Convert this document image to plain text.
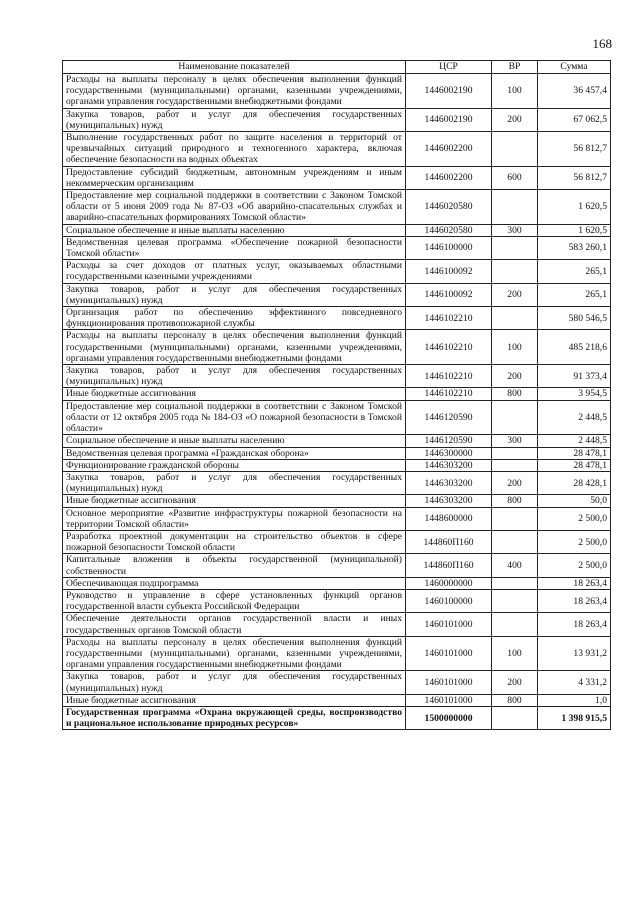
168
Наименование показателей	ЦСР	ВР	Сумма
Расходы на выплаты персоналу в целях обеспечения выполнения функций государственными (муниципальными) органами, казенными учреждениями, органами управления государственными внебюджетными фондами	1446002190	100	36 457,4
Закупка товаров, работ и услуг для обеспечения государственных (муниципальных) нужд	1446002190	200	67 062,5
Выполнение государственных работ по защите населения и территорий от чрезвычайных ситуаций природного и техногенного характера, включая обеспечение безопасности на водных объектах	1446002200		56 812,7
Предоставление субсидий бюджетным, автономным учреждениям и иным некоммерческим организациям	1446002200	600	56 812,7
Предоставление мер социальной поддержки в соответствии с Законом Томской области от 5 июня 2009 года № 87-ОЗ «Об аварийно-спасательных службах и аварийно-спасательных формированиях Томской области»	1446020580		1 620,5
Социальное обеспечение и иные выплаты населению	1446020580	300	1 620,5
Ведомственная целевая программа «Обеспечение пожарной безопасности Томской области»	1446100000		583 260,1
Расходы за счет доходов от платных услуг, оказываемых областными государственными казенными учреждениями	1446100092		265,1
Закупка товаров, работ и услуг для обеспечения государственных (муниципальных) нужд	1446100092	200	265,1
Организация работ по обеспечению эффективного повседневного функционирования противопожарной службы	1446102210		580 546,5
Расходы на выплаты персоналу в целях обеспечения выполнения функций государственными (муниципальными) органами, казенными учреждениями, органами управления государственными внебюджетными фондами	1446102210	100	485 218,6
Закупка товаров, работ и услуг для обеспечения государственных (муниципальных) нужд	1446102210	200	91 373,4
Иные бюджетные ассигнования	1446102210	800	3 954,5
Предоставление мер социальной поддержки в соответствии с Законом Томской области от 12 октября 2005 года № 184-ОЗ «О пожарной безопасности в Томской области»	1446120590		2 448,5
Социальное обеспечение и иные выплаты населению	1446120590	300	2 448,5
Ведомственная целевая программа «Гражданская оборона»	1446300000		28 478,1
Функционирование гражданской обороны	1446303200		28 478,1
Закупка товаров, работ и услуг для обеспечения государственных (муниципальных) нужд	1446303200	200	28 428,1
Иные бюджетные ассигнования	1446303200	800	50,0
Основное мероприятие «Развитие инфраструктуры пожарной безопасности на территории Томской области»	1448600000		2 500,0
Разработка проектной документации на строительство объектов в сфере пожарной безопасности Томской области	144860П160		2 500,0
Капитальные вложения в объекты государственной (муниципальной) собственности	144860П160	400	2 500,0
Обеспечивающая подпрограмма	1460000000		18 263,4
Руководство и управление в сфере установленных функций органов государственной власти субъекта Российской Федерации	1460100000		18 263,4
Обеспечение деятельности органов государственной власти и иных государственных органов Томской области	1460101000		18 263,4
Расходы на выплаты персоналу в целях обеспечения выполнения функций государственными (муниципальными) органами, казенными учреждениями, органами управления государственными внебюджетными фондами	1460101000	100	13 931,2
Закупка товаров, работ и услуг для обеспечения государственных (муниципальных) нужд	1460101000	200	4 331,2
Иные бюджетные ассигнования	1460101000	800	1,0
Государственная программа «Охрана окружающей среды, воспроизводство и рациональное использование природных ресурсов»	1500000000		1 398 915,5
